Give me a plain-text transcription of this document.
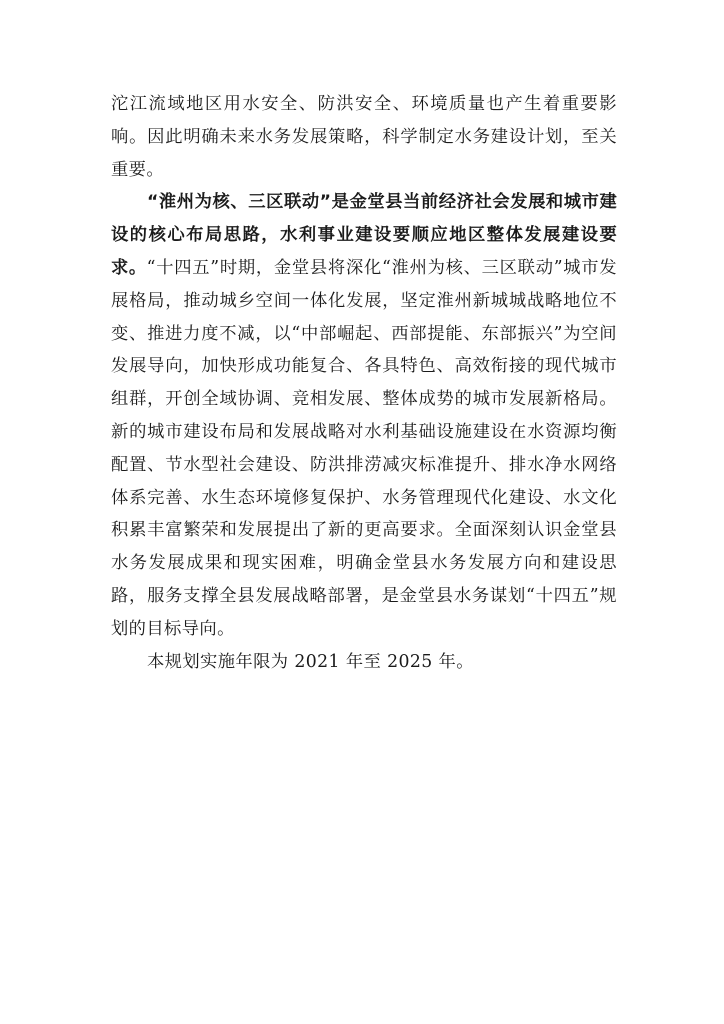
沱江流域地区用水安全、防洪安全、环境质量也产生着重要影响。因此明确未来水务发展策略，科学制定水务建设计划，至关重要。

“淮州为核、三区联动”是金堂县当前经济社会发展和城市建设的核心布局思路，水利事业建设要顺应地区整体发展建设要求。“十四五”时期，金堂县将深化“淮州为核、三区联动”城市发展格局，推动城乡空间一体化发展，坚定淮州新城城战略地位不变、推进力度不减，以“中部崛起、西部提能、东部振兴”为空间发展导向，加快形成功能复合、各具特色、高效衔接的现代城市组群，开创全域协调、竞相发展、整体成势的城市发展新格局。新的城市建设布局和发展战略对水利基础设施建设在水资源均衡配置、节水型社会建设、防洪排涝减灾标准提升、排水净水网络体系完善、水生态环境修复保护、水务管理现代化建设、水文化积累丰富繁荣和发展提出了新的更高要求。全面深刻认识金堂县水务发展成果和现实困难，明确金堂县水务发展方向和建设思路，服务支撑全县发展战略部署，是金堂县水务谋划“十四五”规划的目标导向。

本规划实施年限为 2021 年至 2025 年。
